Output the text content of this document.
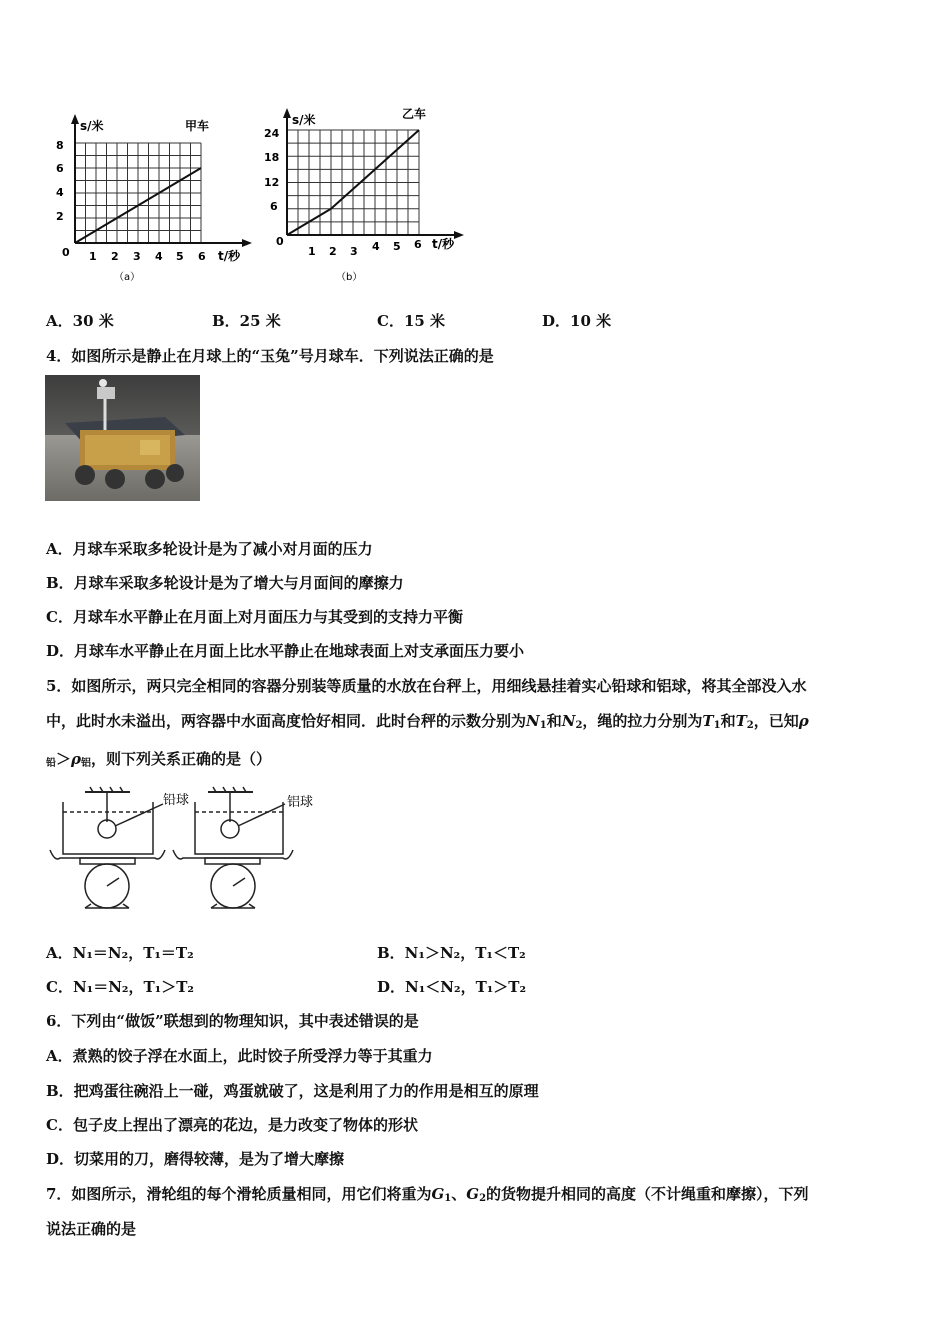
s/米	甲车
8
6
4
2
0 1 2 3 4 5 6 t/秒
（a）
s/米	乙车
24
18
12
6
0
1 2 3 4 5 6 t/秒
（b）
A．30 米	B．25 米	C．15 米	D．10 米
4．如图所示是静止在月球上的“玉兔”号月球车．下列说法正确的是
A．月球车采取多轮设计是为了减小对月面的压力
B．月球车采取多轮设计是为了增大与月面间的摩擦力
C．月球车水平静止在月面上对月面压力与其受到的支持力平衡
D．月球车水平静止在月面上比水平静止在地球表面上对支承面压力要小
5．如图所示，两只完全相同的容器分别装等质量的水放在台秤上，用细线悬挂着实心铅球和铝球，将其全部没入水
中，此时水未溢出，两容器中水面高度恰好相同．此时台秤的示数分别为$N_1$和$N_2$，绳的拉力分别为$T_1$和$T_2$，已知ρ
$_铅>\rho_铝$，则下列关系正确的是（）
铅球	铝球
A．N₁＝N₂，T₁＝T₂	B．N₁＞N₂，T₁＜T₂
C．N₁＝N₂，T₁＞T₂	D．N₁＜N₂，T₁＞T₂
6．下列由“做饭”联想到的物理知识，其中表述错误的是
A．煮熟的饺子浮在水面上，此时饺子所受浮力等于其重力
B．把鸡蛋往碗沿上一碰，鸡蛋就破了，这是利用了力的作用是相互的原理
C．包子皮上捏出了漂亮的花边，是力改变了物体的形状
D．切菜用的刀，磨得较薄，是为了增大摩擦
7．如图所示，滑轮组的每个滑轮质量相同，用它们将重为$G_1$、$G_2$的货物提升相同的高度（不计绳重和摩擦），下列
说法正确的是
